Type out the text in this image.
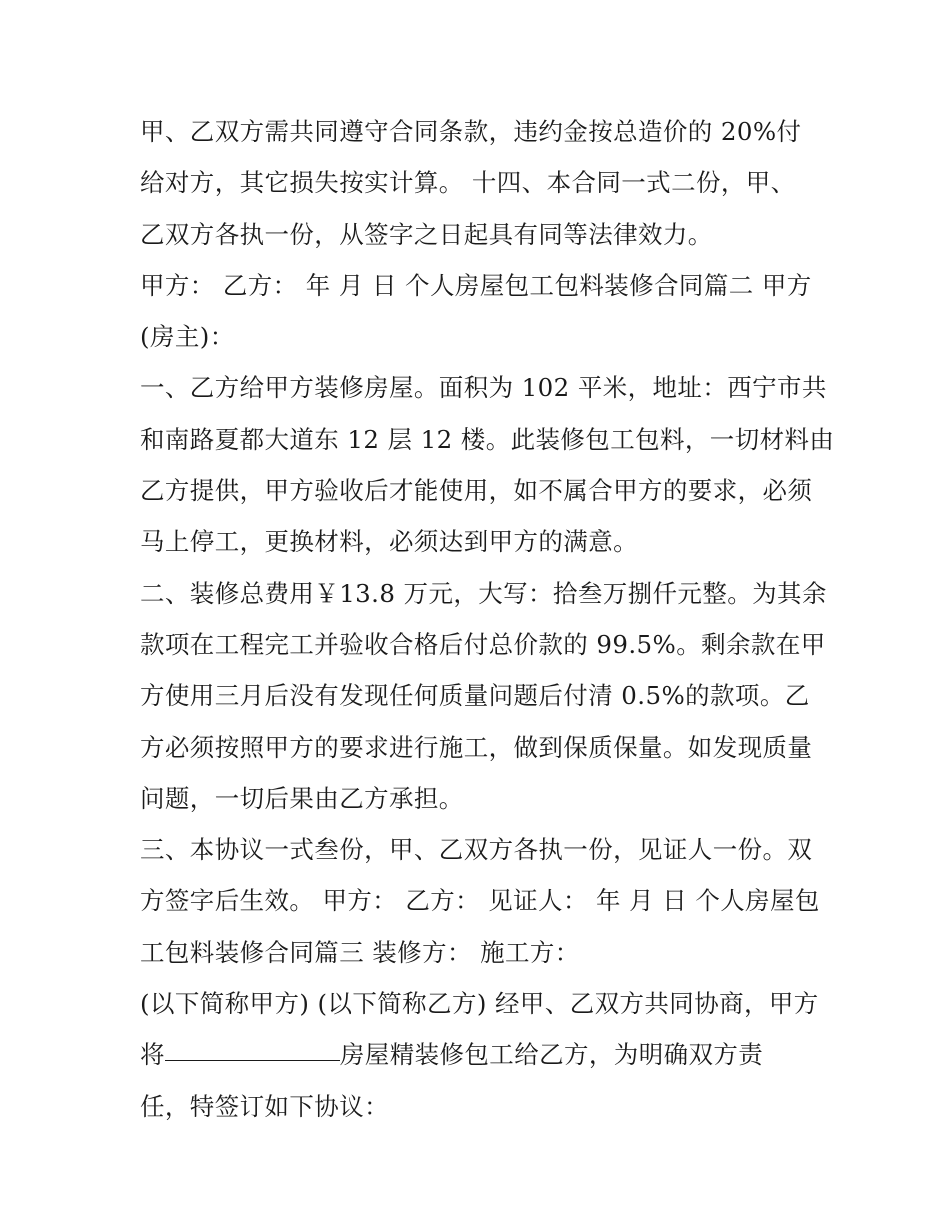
甲、乙双方需共同遵守合同条款，违约金按总造价的 20%付
给对方，其它损失按实计算。 十四、本合同一式二份，甲、
乙双方各执一份，从签字之日起具有同等法律效力。
甲方： 乙方： 年 月 日 个人房屋包工包料装修合同篇二 甲方
(房主)：
一、乙方给甲方装修房屋。面积为 102 平米，地址：西宁市共
和南路夏都大道东 12 层 12 楼。此装修包工包料，一切材料由
乙方提供，甲方验收后才能使用，如不属合甲方的要求，必须
马上停工，更换材料，必须达到甲方的满意。
二、装修总费用￥13.8 万元，大写：拾叁万捌仟元整。为其余
款项在工程完工并验收合格后付总价款的 99.5%。剩余款在甲
方使用三月后没有发现任何质量问题后付清 0.5%的款项。乙
方必须按照甲方的要求进行施工，做到保质保量。如发现质量
问题，一切后果由乙方承担。
三、本协议一式叁份，甲、乙双方各执一份，见证人一份。双
方签字后生效。 甲方： 乙方： 见证人： 年 月 日 个人房屋包
工包料装修合同篇三 装修方： 施工方：
(以下简称甲方) (以下简称乙方) 经甲、乙双方共同协商，甲方
将	房屋精装修包工给乙方，为明确双方责
任，特签订如下协议：
